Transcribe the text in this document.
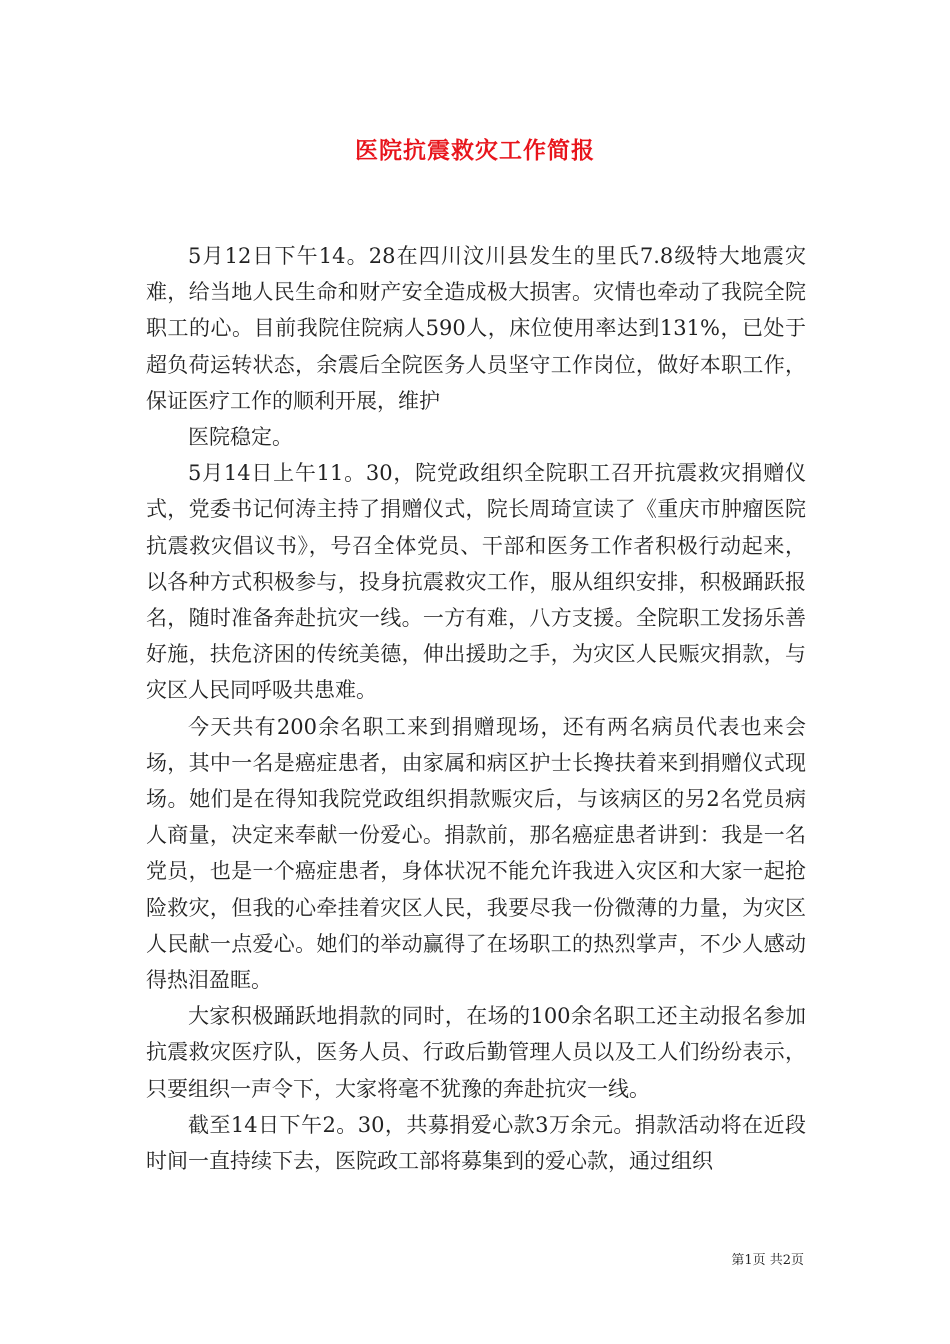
医院抗震救灾工作简报

5月12日下午14。28在四川汶川县发生的里氏7.8级特大地震灾难，给当地人民生命和财产安全造成极大损害。灾情也牵动了我院全院职工的心。目前我院住院病人590人，床位使用率达到131%，已处于超负荷运转状态，余震后全院医务人员坚守工作岗位，做好本职工作，保证医疗工作的顺利开展，维护

医院稳定。

5月14日上午11。30，院党政组织全院职工召开抗震救灾捐赠仪式，党委书记何涛主持了捐赠仪式，院长周琦宣读了《重庆市肿瘤医院抗震救灾倡议书》，号召全体党员、干部和医务工作者积极行动起来，以各种方式积极参与，投身抗震救灾工作，服从组织安排，积极踊跃报名，随时准备奔赴抗灾一线。一方有难，八方支援。全院职工发扬乐善好施，扶危济困的传统美德，伸出援助之手，为灾区人民赈灾捐款，与灾区人民同呼吸共患难。

今天共有200余名职工来到捐赠现场，还有两名病员代表也来会场，其中一名是癌症患者，由家属和病区护士长搀扶着来到捐赠仪式现场。她们是在得知我院党政组织捐款赈灾后，与该病区的另2名党员病人商量，决定来奉献一份爱心。捐款前，那名癌症患者讲到：我是一名党员，也是一个癌症患者，身体状况不能允许我进入灾区和大家一起抢险救灾，但我的心牵挂着灾区人民，我要尽我一份微薄的力量，为灾区人民献一点爱心。她们的举动赢得了在场职工的热烈掌声，不少人感动得热泪盈眶。

大家积极踊跃地捐款的同时，在场的100余名职工还主动报名参加抗震救灾医疗队，医务人员、行政后勤管理人员以及工人们纷纷表示，只要组织一声令下，大家将毫不犹豫的奔赴抗灾一线。

截至14日下午2。30，共募捐爱心款3万余元。捐款活动将在近段时间一直持续下去，医院政工部将募集到的爱心款，通过组织

第1页 共2页
